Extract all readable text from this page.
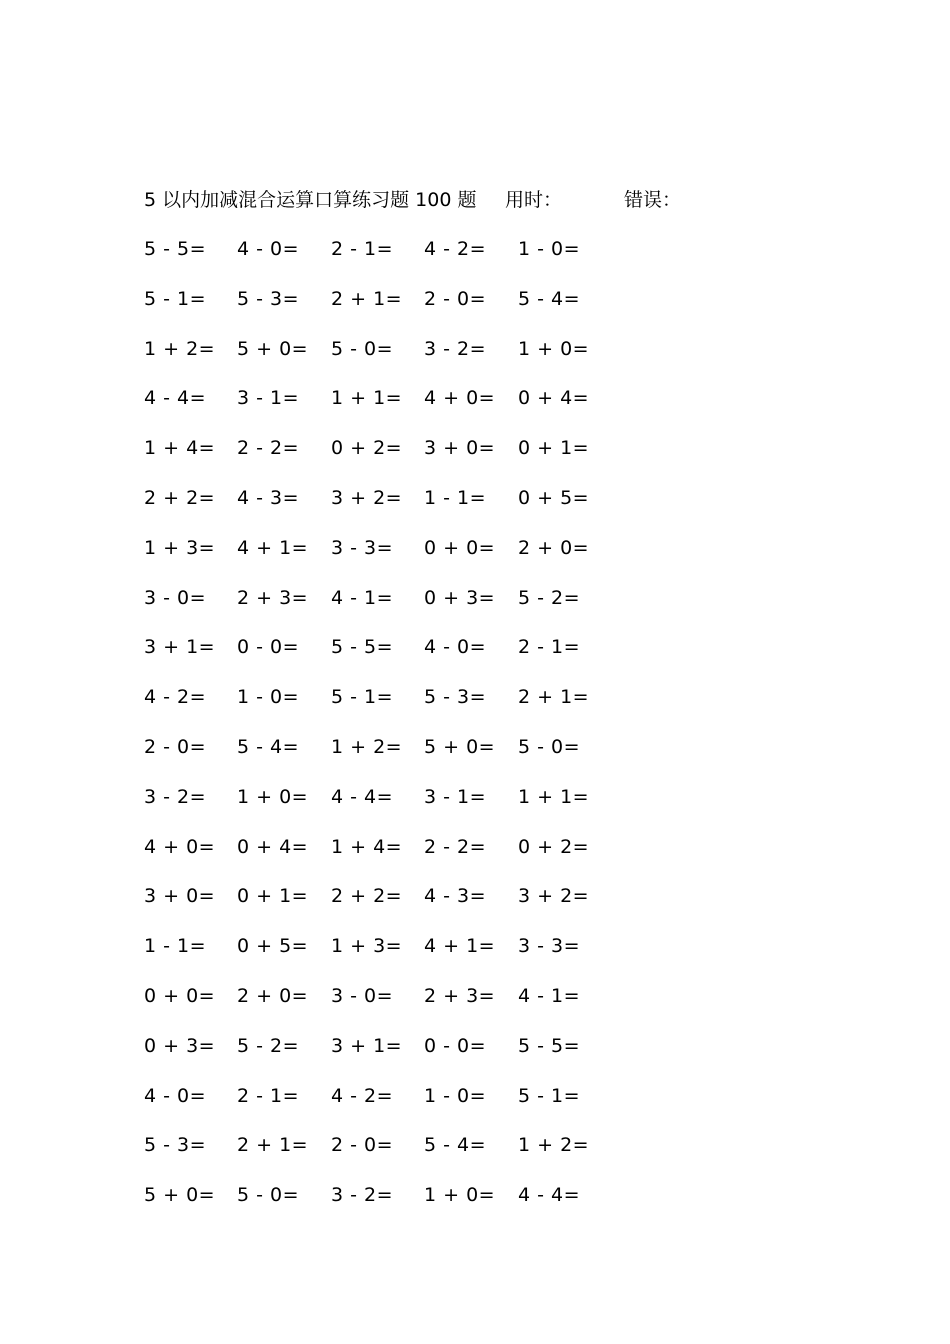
5 以内加减混合运算口算练习题 100 题 用时：	错误：
5 - 5= 4 - 0= 2 - 1= 4 - 2= 1 - 0=
5 - 1= 5 - 3= 2 + 1= 2 - 0= 5 - 4=
1 + 2= 5 + 0= 5 - 0= 3 - 2= 1 + 0=
4 - 4= 3 - 1= 1 + 1= 4 + 0= 0 + 4=
1 + 4= 2 - 2= 0 + 2= 3 + 0= 0 + 1=
2 + 2= 4 - 3= 3 + 2= 1 - 1= 0 + 5=
1 + 3= 4 + 1= 3 - 3= 0 + 0= 2 + 0=
3 - 0= 2 + 3= 4 - 1= 0 + 3= 5 - 2=
3 + 1= 0 - 0= 5 - 5= 4 - 0= 2 - 1=
4 - 2= 1 - 0= 5 - 1= 5 - 3= 2 + 1=
2 - 0= 5 - 4= 1 + 2= 5 + 0= 5 - 0=
3 - 2= 1 + 0= 4 - 4= 3 - 1= 1 + 1=
4 + 0= 0 + 4= 1 + 4= 2 - 2= 0 + 2=
3 + 0= 0 + 1= 2 + 2= 4 - 3= 3 + 2=
1 - 1= 0 + 5= 1 + 3= 4 + 1= 3 - 3=
0 + 0= 2 + 0= 3 - 0= 2 + 3= 4 - 1=
0 + 3= 5 - 2= 3 + 1= 0 - 0= 5 - 5=
4 - 0= 2 - 1= 4 - 2= 1 - 0= 5 - 1=
5 - 3= 2 + 1= 2 - 0= 5 - 4= 1 + 2=
5 + 0= 5 - 0= 3 - 2= 1 + 0= 4 - 4=
